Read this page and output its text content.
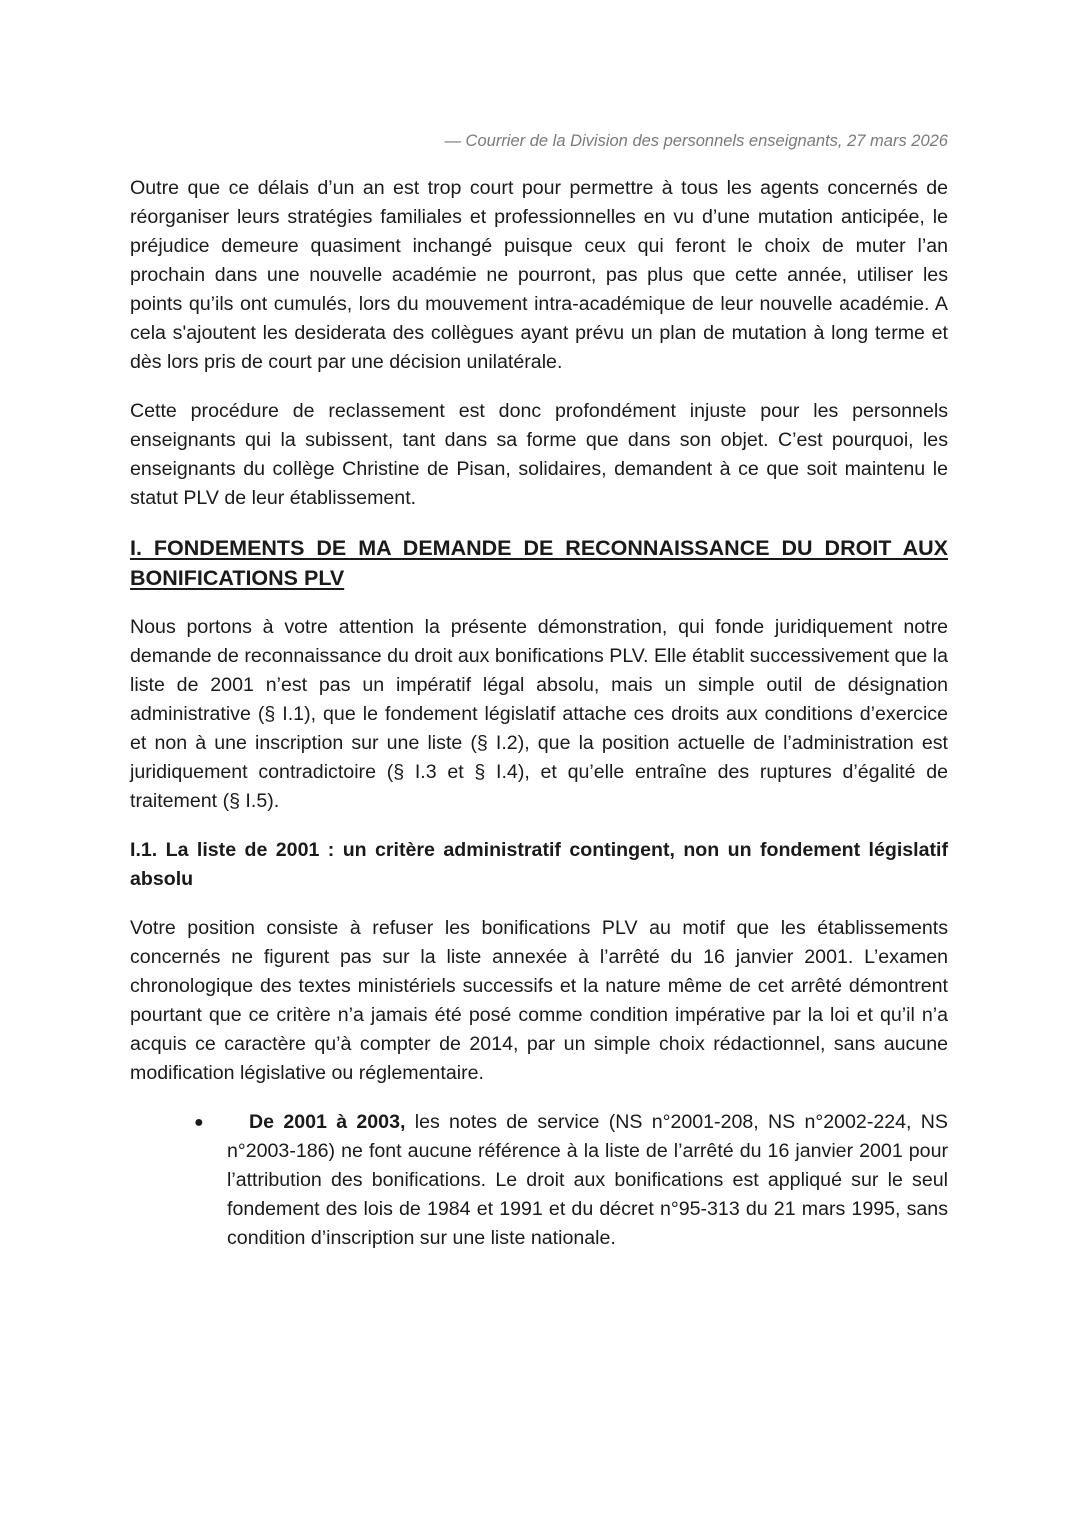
— Courrier de la Division des personnels enseignants, 27 mars 2026

Outre que ce délais d’un an est trop court pour permettre à tous les agents concernés de réorganiser leurs stratégies familiales et professionnelles en vu d’une mutation anticipée, le préjudice demeure quasiment inchangé puisque ceux qui feront le choix de muter l’an prochain dans une nouvelle académie ne pourront, pas plus que cette année, utiliser les points qu’ils ont cumulés, lors du mouvement intra-académique de leur nouvelle académie. A cela s'ajoutent les desiderata des collègues ayant prévu un plan de mutation à long terme et dès lors pris de court par une décision unilatérale.

Cette procédure de reclassement est donc profondément injuste pour les personnels enseignants qui la subissent, tant dans sa forme que dans son objet. C’est pourquoi, les enseignants du collège Christine de Pisan, solidaires, demandent à ce que soit maintenu le statut PLV de leur établissement.

I. FONDEMENTS DE MA DEMANDE DE RECONNAISSANCE DU DROIT AUX BONIFICATIONS PLV

Nous portons à votre attention la présente démonstration, qui fonde juridiquement notre demande de reconnaissance du droit aux bonifications PLV. Elle établit successivement que la liste de 2001 n’est pas un impératif légal absolu, mais un simple outil de désignation administrative (§ I.1), que le fondement législatif attache ces droits aux conditions d’exercice et non à une inscription sur une liste (§ I.2), que la position actuelle de l’administration est juridiquement contradictoire (§ I.3 et § I.4), et qu’elle entraîne des ruptures d’égalité de traitement (§ I.5).

I.1. La liste de 2001 : un critère administratif contingent, non un fondement législatif absolu

Votre position consiste à refuser les bonifications PLV au motif que les établissements concernés ne figurent pas sur la liste annexée à l’arrêté du 16 janvier 2001. L’examen chronologique des textes ministériels successifs et la nature même de cet arrêté démontrent pourtant que ce critère n’a jamais été posé comme condition impérative par la loi et qu’il n’a acquis ce caractère qu’à compter de 2014, par un simple choix rédactionnel, sans aucune modification législative ou réglementaire.

● De 2001 à 2003, les notes de service (NS n°2001-208, NS n°2002-224, NS n°2003-186) ne font aucune référence à la liste de l’arrêté du 16 janvier 2001 pour l’attribution des bonifications. Le droit aux bonifications est appliqué sur le seul fondement des lois de 1984 et 1991 et du décret n°95-313 du 21 mars 1995, sans condition d’inscription sur une liste nationale.
